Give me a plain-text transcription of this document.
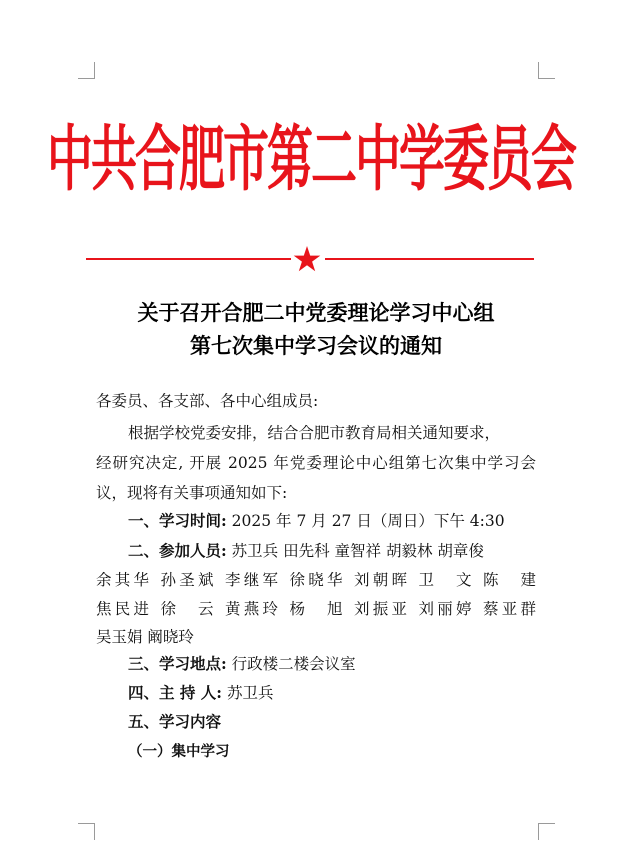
中共合肥市第二中学委员会
关于召开合肥二中党委理论学习中心组
第七次集中学习会议的通知
各委员、各支部、各中心组成员:
根据学校党委安排，结合合肥市教育局相关通知要求，
经研究决定, 开展 2025 年党委理论中心组第七次集中学习会
议，现将有关事项通知如下:
一、学习时间: 2025 年 7 月 27 日（周日）下午 4:30
二、参加人员: 苏卫兵 田先科 童智祥 胡毅林 胡章俊
余其华 孙圣斌 李继军 徐晓华 刘朝晖 卫　文 陈　建
焦民进 徐　云 黄燕玲 杨　旭 刘振亚 刘丽婷 蔡亚群
吴玉娟 阚晓玲
三、学习地点: 行政楼二楼会议室
四、主 持 人: 苏卫兵
五、学习内容
（一）集中学习
